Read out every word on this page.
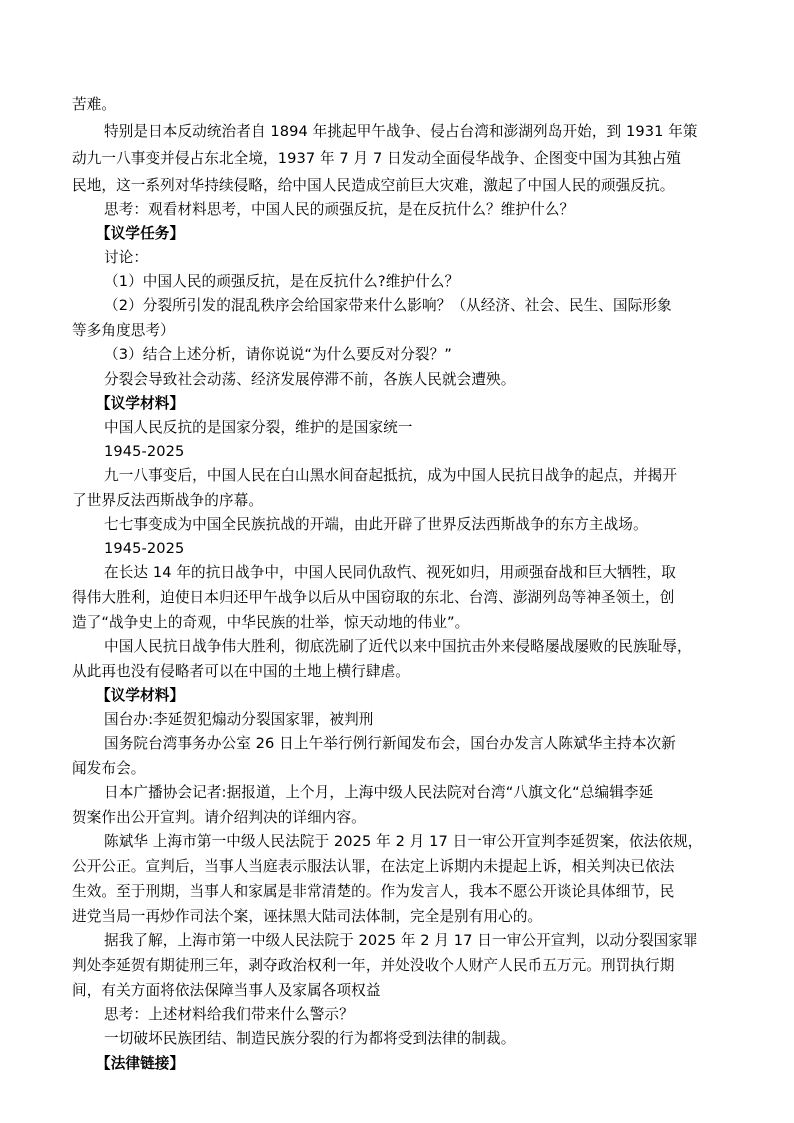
苦难。
特别是日本反动统治者自 1894 年挑起甲午战争、侵占台湾和澎湖列岛开始，到 1931 年策
动九一八事变并侵占东北全境，1937 年 7 月 7 日发动全面侵华战争、企图变中国为其独占殖
民地，这一系列对华持续侵略，给中国人民造成空前巨大灾难，激起了中国人民的顽强反抗。
思考：观看材料思考，中国人民的顽强反抗，是在反抗什么？维护什么？
【议学任务】
讨论：
（1）中国人民的顽强反抗，是在反抗什么?维护什么？
（2）分裂所引发的混乱秩序会给国家带来什么影响？（从经济、社会、民生、国际形象
等多角度思考）
（3）结合上述分析，请你说说“为什么要反对分裂？”
分裂会导致社会动荡、经济发展停滞不前，各族人民就会遭殃。
【议学材料】
中国人民反抗的是国家分裂，维护的是国家统一
1945-2025
九一八事变后，中国人民在白山黑水间奋起抵抗，成为中国人民抗日战争的起点，并揭开
了世界反法西斯战争的序幕。
七七事变成为中国全民族抗战的开端，由此开辟了世界反法西斯战争的东方主战场。
1945-2025
在长达 14 年的抗日战争中，中国人民同仇敌忾、视死如归，用顽强奋战和巨大牺牲，取
得伟大胜利，迫使日本归还甲午战争以后从中国窃取的东北、台湾、澎湖列岛等神圣领土，创
造了“战争史上的奇观，中华民族的壮举，惊天动地的伟业”。
中国人民抗日战争伟大胜利，彻底洗刷了近代以来中国抗击外来侵略屡战屡败的民族耻辱，
从此再也没有侵略者可以在中国的土地上横行肆虐。
【议学材料】
国台办:李延贺犯煽动分裂国家罪，被判刑
国务院台湾事务办公室 26 日上午举行例行新闻发布会，国台办发言人陈斌华主持本次新
闻发布会。
日本广播协会记者:据报道，上个月，上海中级人民法院对台湾“八旗文化“总编辑李延
贺案作出公开宣判。请介绍判决的详细内容。
陈斌华 上海市第一中级人民法院于 2025 年 2 月 17 日一审公开宣判李延贺案，依法依规，
公开公正。宣判后，当事人当庭表示服法认罪，在法定上诉期内未提起上诉，相关判决已依法
生效。至于刑期，当事人和家属是非常清楚的。作为发言人，我本不愿公开谈论具体细节，民
进党当局一再炒作司法个案，诬抹黑大陆司法体制，完全是别有用心的。
据我了解，上海市第一中级人民法院于 2025 年 2 月 17 日一审公开宣判，以动分裂国家罪
判处李延贺有期徒刑三年，剥夺政治权利一年，并处没收个人财产人民币五万元。刑罚执行期
间，有关方面将依法保障当事人及家属各项权益
思考：上述材料给我们带来什么警示？
一切破坏民族团结、制造民族分裂的行为都将受到法律的制裁。
【法律链接】
